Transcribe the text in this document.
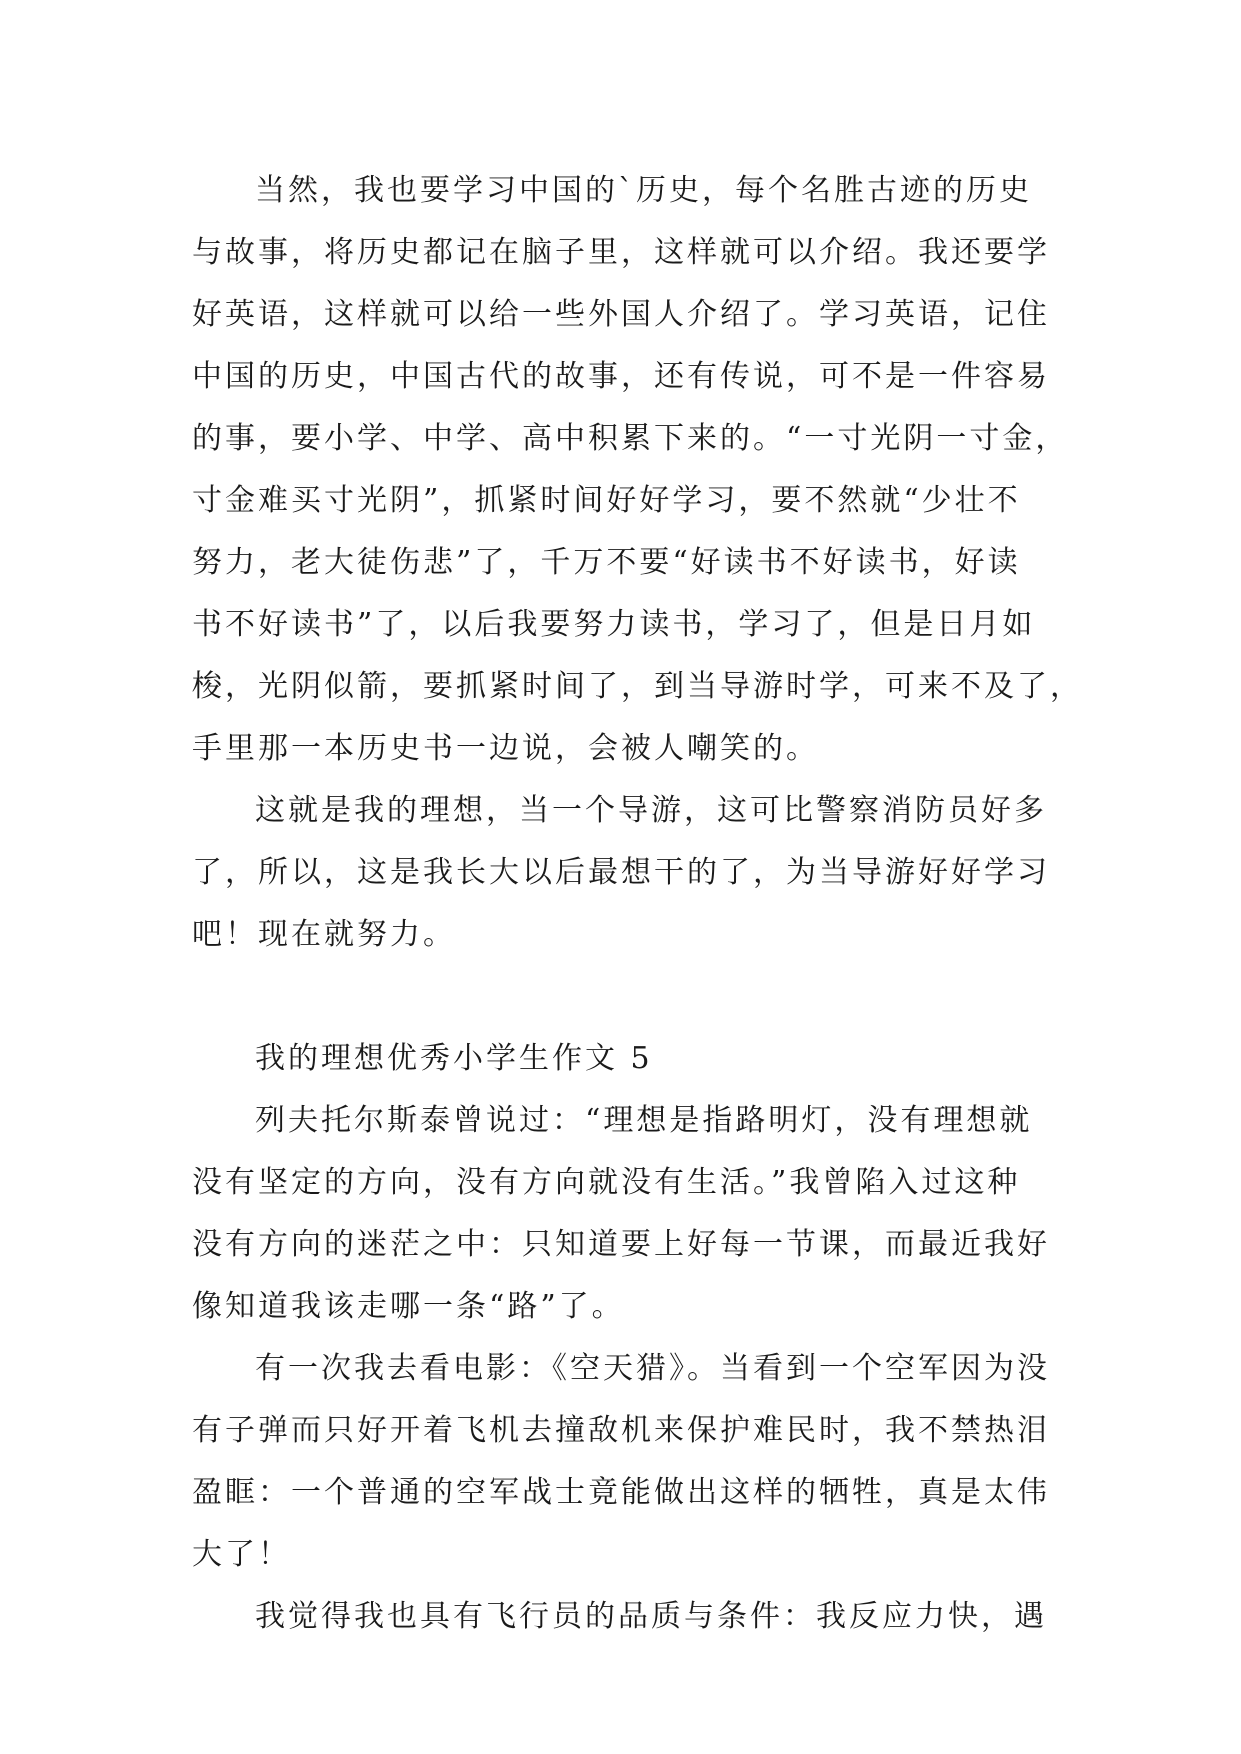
当然，我也要学习中国的`历史，每个名胜古迹的历史
与故事，将历史都记在脑子里，这样就可以介绍。我还要学
好英语，这样就可以给一些外国人介绍了。学习英语，记住
中国的历史，中国古代的故事，还有传说，可不是一件容易
的事，要小学、中学、高中积累下来的。“一寸光阴一寸金，
寸金难买寸光阴”，抓紧时间好好学习，要不然就“少壮不
努力，老大徒伤悲”了，千万不要“好读书不好读书，好读
书不好读书”了，以后我要努力读书，学习了，但是日月如
梭，光阴似箭，要抓紧时间了，到当导游时学，可来不及了，
手里那一本历史书一边说，会被人嘲笑的。
这就是我的理想，当一个导游，这可比警察消防员好多
了，所以，这是我长大以后最想干的了，为当导游好好学习
吧！现在就努力。
我的理想优秀小学生作文 5
列夫托尔斯泰曾说过：“理想是指路明灯，没有理想就
没有坚定的方向，没有方向就没有生活。”我曾陷入过这种
没有方向的迷茫之中：只知道要上好每一节课，而最近我好
像知道我该走哪一条“路”了。
有一次我去看电影：《空天猎》。当看到一个空军因为没
有子弹而只好开着飞机去撞敌机来保护难民时，我不禁热泪
盈眶：一个普通的空军战士竟能做出这样的牺牲，真是太伟
大了！
我觉得我也具有飞行员的品质与条件：我反应力快，遇
